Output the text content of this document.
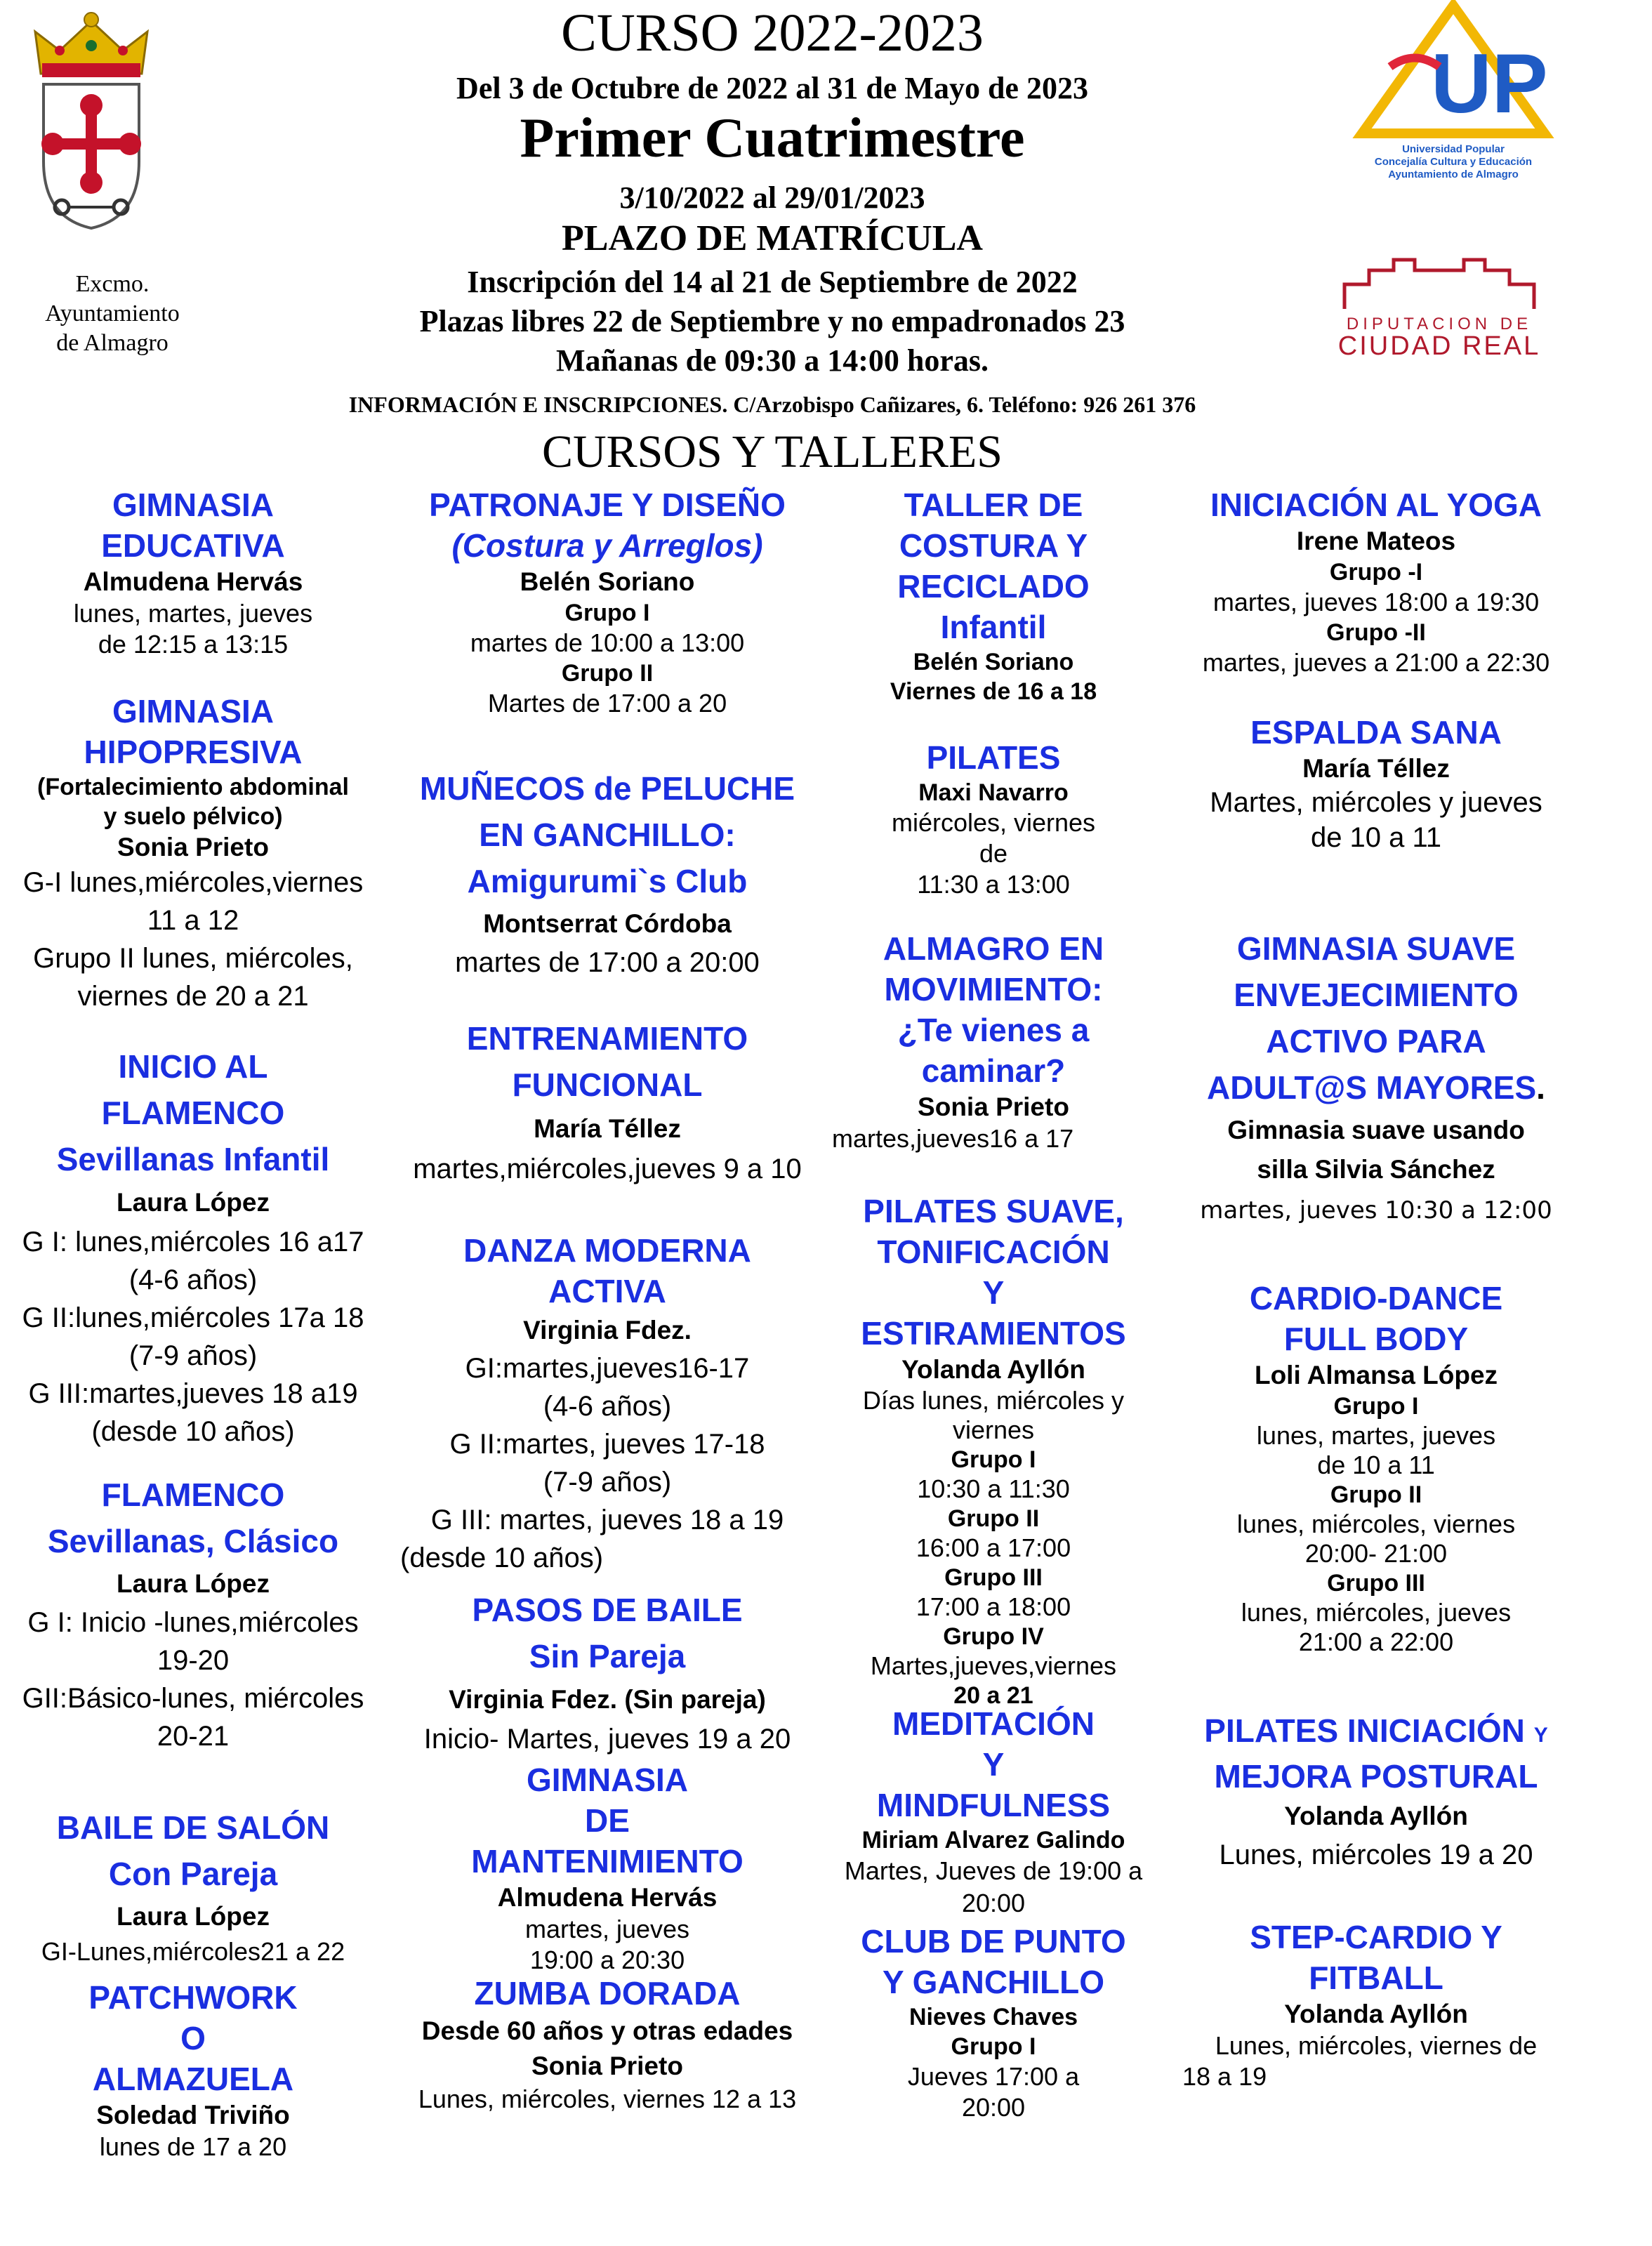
CURSO 2022-2023
Del 3 de Octubre de 2022 al 31 de Mayo de 2023
Primer Cuatrimestre
3/10/2022 al 29/01/2023
PLAZO DE MATRÍCULA
Inscripción del 14 al 21 de Septiembre de 2022
Plazas libres 22 de Septiembre y no empadronados 23
Mañanas de 09:30 a 14:00 horas.
INFORMACIÓN E INSCRIPCIONES. C/Arzobispo Cañizares, 6. Teléfono: 926 261 376
CURSOS Y TALLERES
Excmo.
Ayuntamiento
de Almagro
UP
Universidad Popular
Concejalía Cultura y Educación
Ayuntamiento de Almagro
DIPUTACION DE
CIUDAD REAL
GIMNASIA
EDUCATIVA
Almudena Hervás
lunes, martes, jueves
de 12:15 a 13:15
GIMNASIA
HIPOPRESIVA
(Fortalecimiento abdominal
y suelo pélvico)
Sonia Prieto
G-I lunes,miércoles,viernes
11 a 12
Grupo II lunes, miércoles,
viernes de 20 a 21
INICIO AL
FLAMENCO
Sevillanas Infantil
Laura López
G I: lunes,miércoles 16 a17
(4-6 años)
G II:lunes,miércoles 17a 18
(7-9 años)
G III:martes,jueves 18 a19
(desde 10 años)
FLAMENCO
Sevillanas, Clásico
Laura López
G I: Inicio -lunes,miércoles
19-20
GII:Básico-lunes, miércoles
20-21
BAILE DE SALÓN
Con Pareja
Laura López
GI-Lunes,miércoles21 a 22
PATCHWORK
O
ALMAZUELA
Soledad Triviño
lunes de 17 a 20
PATRONAJE Y DISEÑO
(Costura y Arreglos)
Belén Soriano
Grupo I
martes de 10:00 a 13:00
Grupo II
Martes de 17:00 a 20
MUÑECOS de PELUCHE
EN GANCHILLO:
Amigurumi`s Club
Montserrat Córdoba
martes de 17:00 a 20:00
ENTRENAMIENTO
FUNCIONAL
María Téllez
martes,miércoles,jueves 9 a 10
DANZA MODERNA
ACTIVA
Virginia Fdez.
GI:martes,jueves16-17
(4-6 años)
G II:martes, jueves 17-18
(7-9 años)
G III: martes, jueves 18 a 19
(desde 10 años)
PASOS DE BAILE
Sin Pareja
Virginia Fdez. (Sin pareja)
Inicio- Martes, jueves 19 a 20
GIMNASIA
DE
MANTENIMIENTO
Almudena Hervás
martes, jueves
19:00 a 20:30
ZUMBA DORADA
Desde 60 años y otras edades
Sonia Prieto
Lunes, miércoles, viernes 12 a 13
TALLER DE
COSTURA Y
RECICLADO
Infantil
Belén Soriano
Viernes de 16 a 18
PILATES
Maxi Navarro
miércoles, viernes
de
11:30 a 13:00
ALMAGRO EN
MOVIMIENTO:
¿Te vienes a
caminar?
Sonia Prieto
martes,jueves16 a 17
PILATES SUAVE,
TONIFICACIÓN
Y
ESTIRAMIENTOS
Yolanda Ayllón
Días lunes, miércoles y
viernes
Grupo I
10:30 a 11:30
Grupo II
16:00 a 17:00
Grupo III
17:00 a 18:00
Grupo IV
Martes,jueves,viernes
20 a 21
MEDITACIÓN
Y
MINDFULNESS
Miriam Alvarez Galindo
Martes, Jueves de 19:00 a
20:00
CLUB DE PUNTO
Y GANCHILLO
Nieves Chaves
Grupo I
Jueves 17:00 a
20:00
INICIACIÓN AL YOGA
Irene Mateos
Grupo -I
martes, jueves 18:00 a 19:30
Grupo -II
martes, jueves a 21:00 a 22:30
ESPALDA SANA
María Téllez
Martes, miércoles y jueves
de 10 a 11
GIMNASIA SUAVE
ENVEJECIMIENTO
ACTIVO PARA
ADULT@S MAYORES.
Gimnasia suave usando
silla Silvia Sánchez
martes, jueves 10:30 a 12:00
CARDIO-DANCE
FULL BODY
Loli Almansa López
Grupo I
lunes, martes, jueves
de 10 a 11
Grupo II
lunes, miércoles, viernes
20:00- 21:00
Grupo III
lunes, miércoles, jueves
21:00 a 22:00
PILATES INICIACIÓN Y
MEJORA POSTURAL
Yolanda Ayllón
Lunes, miércoles 19 a 20
STEP-CARDIO Y
FITBALL
Yolanda Ayllón
Lunes, miércoles, viernes de
18 a 19
